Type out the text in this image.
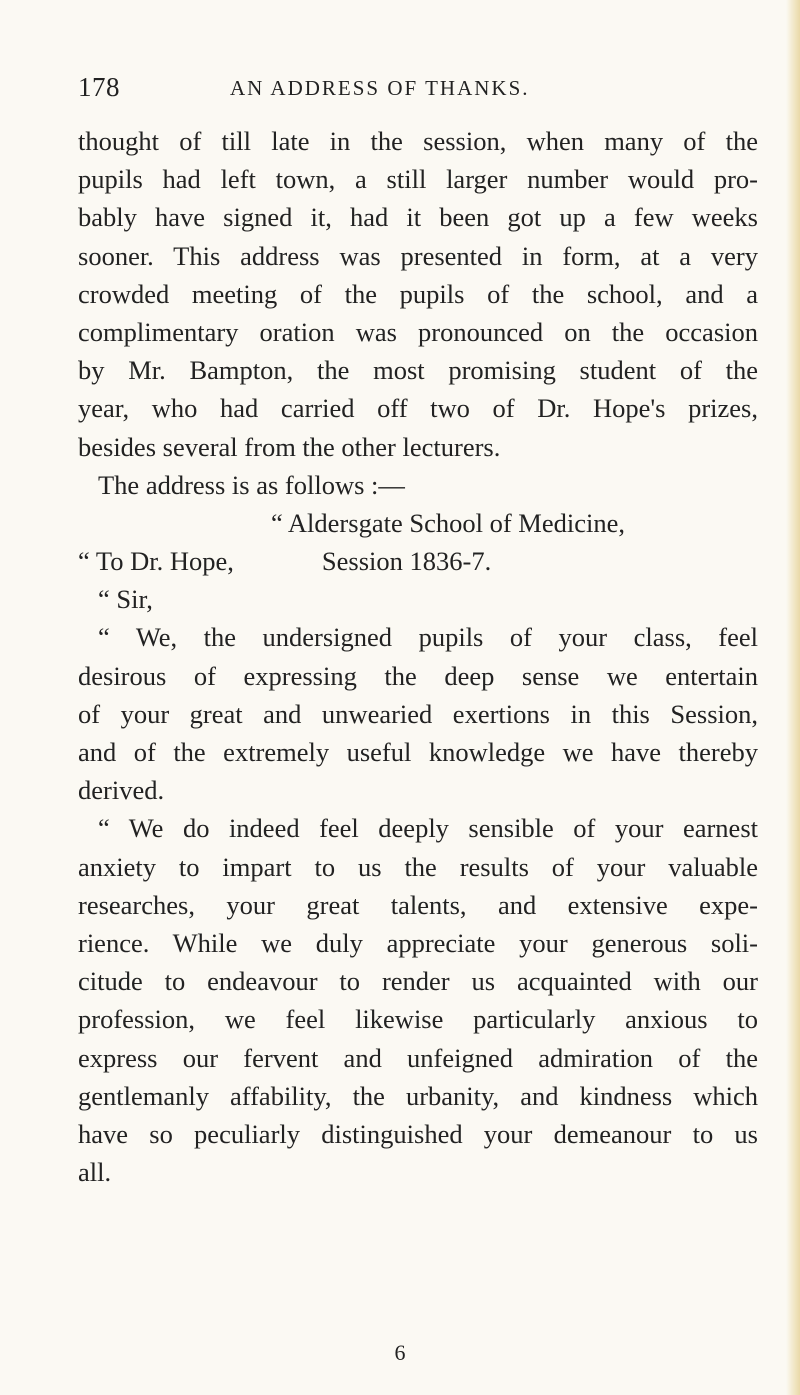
178	AN ADDRESS OF THANKS.
thought of till late in the session, when many of the
pupils had left town, a still larger number would pro-
bably have signed it, had it been got up a few weeks
sooner. This address was presented in form, at a very
crowded meeting of the pupils of the school, and a
complimentary oration was pronounced on the occasion
by Mr. Bampton, the most promising student of the
year, who had carried off two of Dr. Hope's prizes,
besides several from the other lecturers.
The address is as follows :—
“ Aldersgate School of Medicine,
“ To Dr. Hope,	Session 1836-7.
“ Sir,
“ We, the undersigned pupils of your class, feel
desirous of expressing the deep sense we entertain
of your great and unwearied exertions in this Session,
and of the extremely useful knowledge we have thereby
derived.
“ We do indeed feel deeply sensible of your earnest
anxiety to impart to us the results of your valuable
researches, your great talents, and extensive expe-
rience. While we duly appreciate your generous soli-
citude to endeavour to render us acquainted with our
profession, we feel likewise particularly anxious to
express our fervent and unfeigned admiration of the
gentlemanly affability, the urbanity, and kindness which
have so peculiarly distinguished your demeanour to us
all.
6
